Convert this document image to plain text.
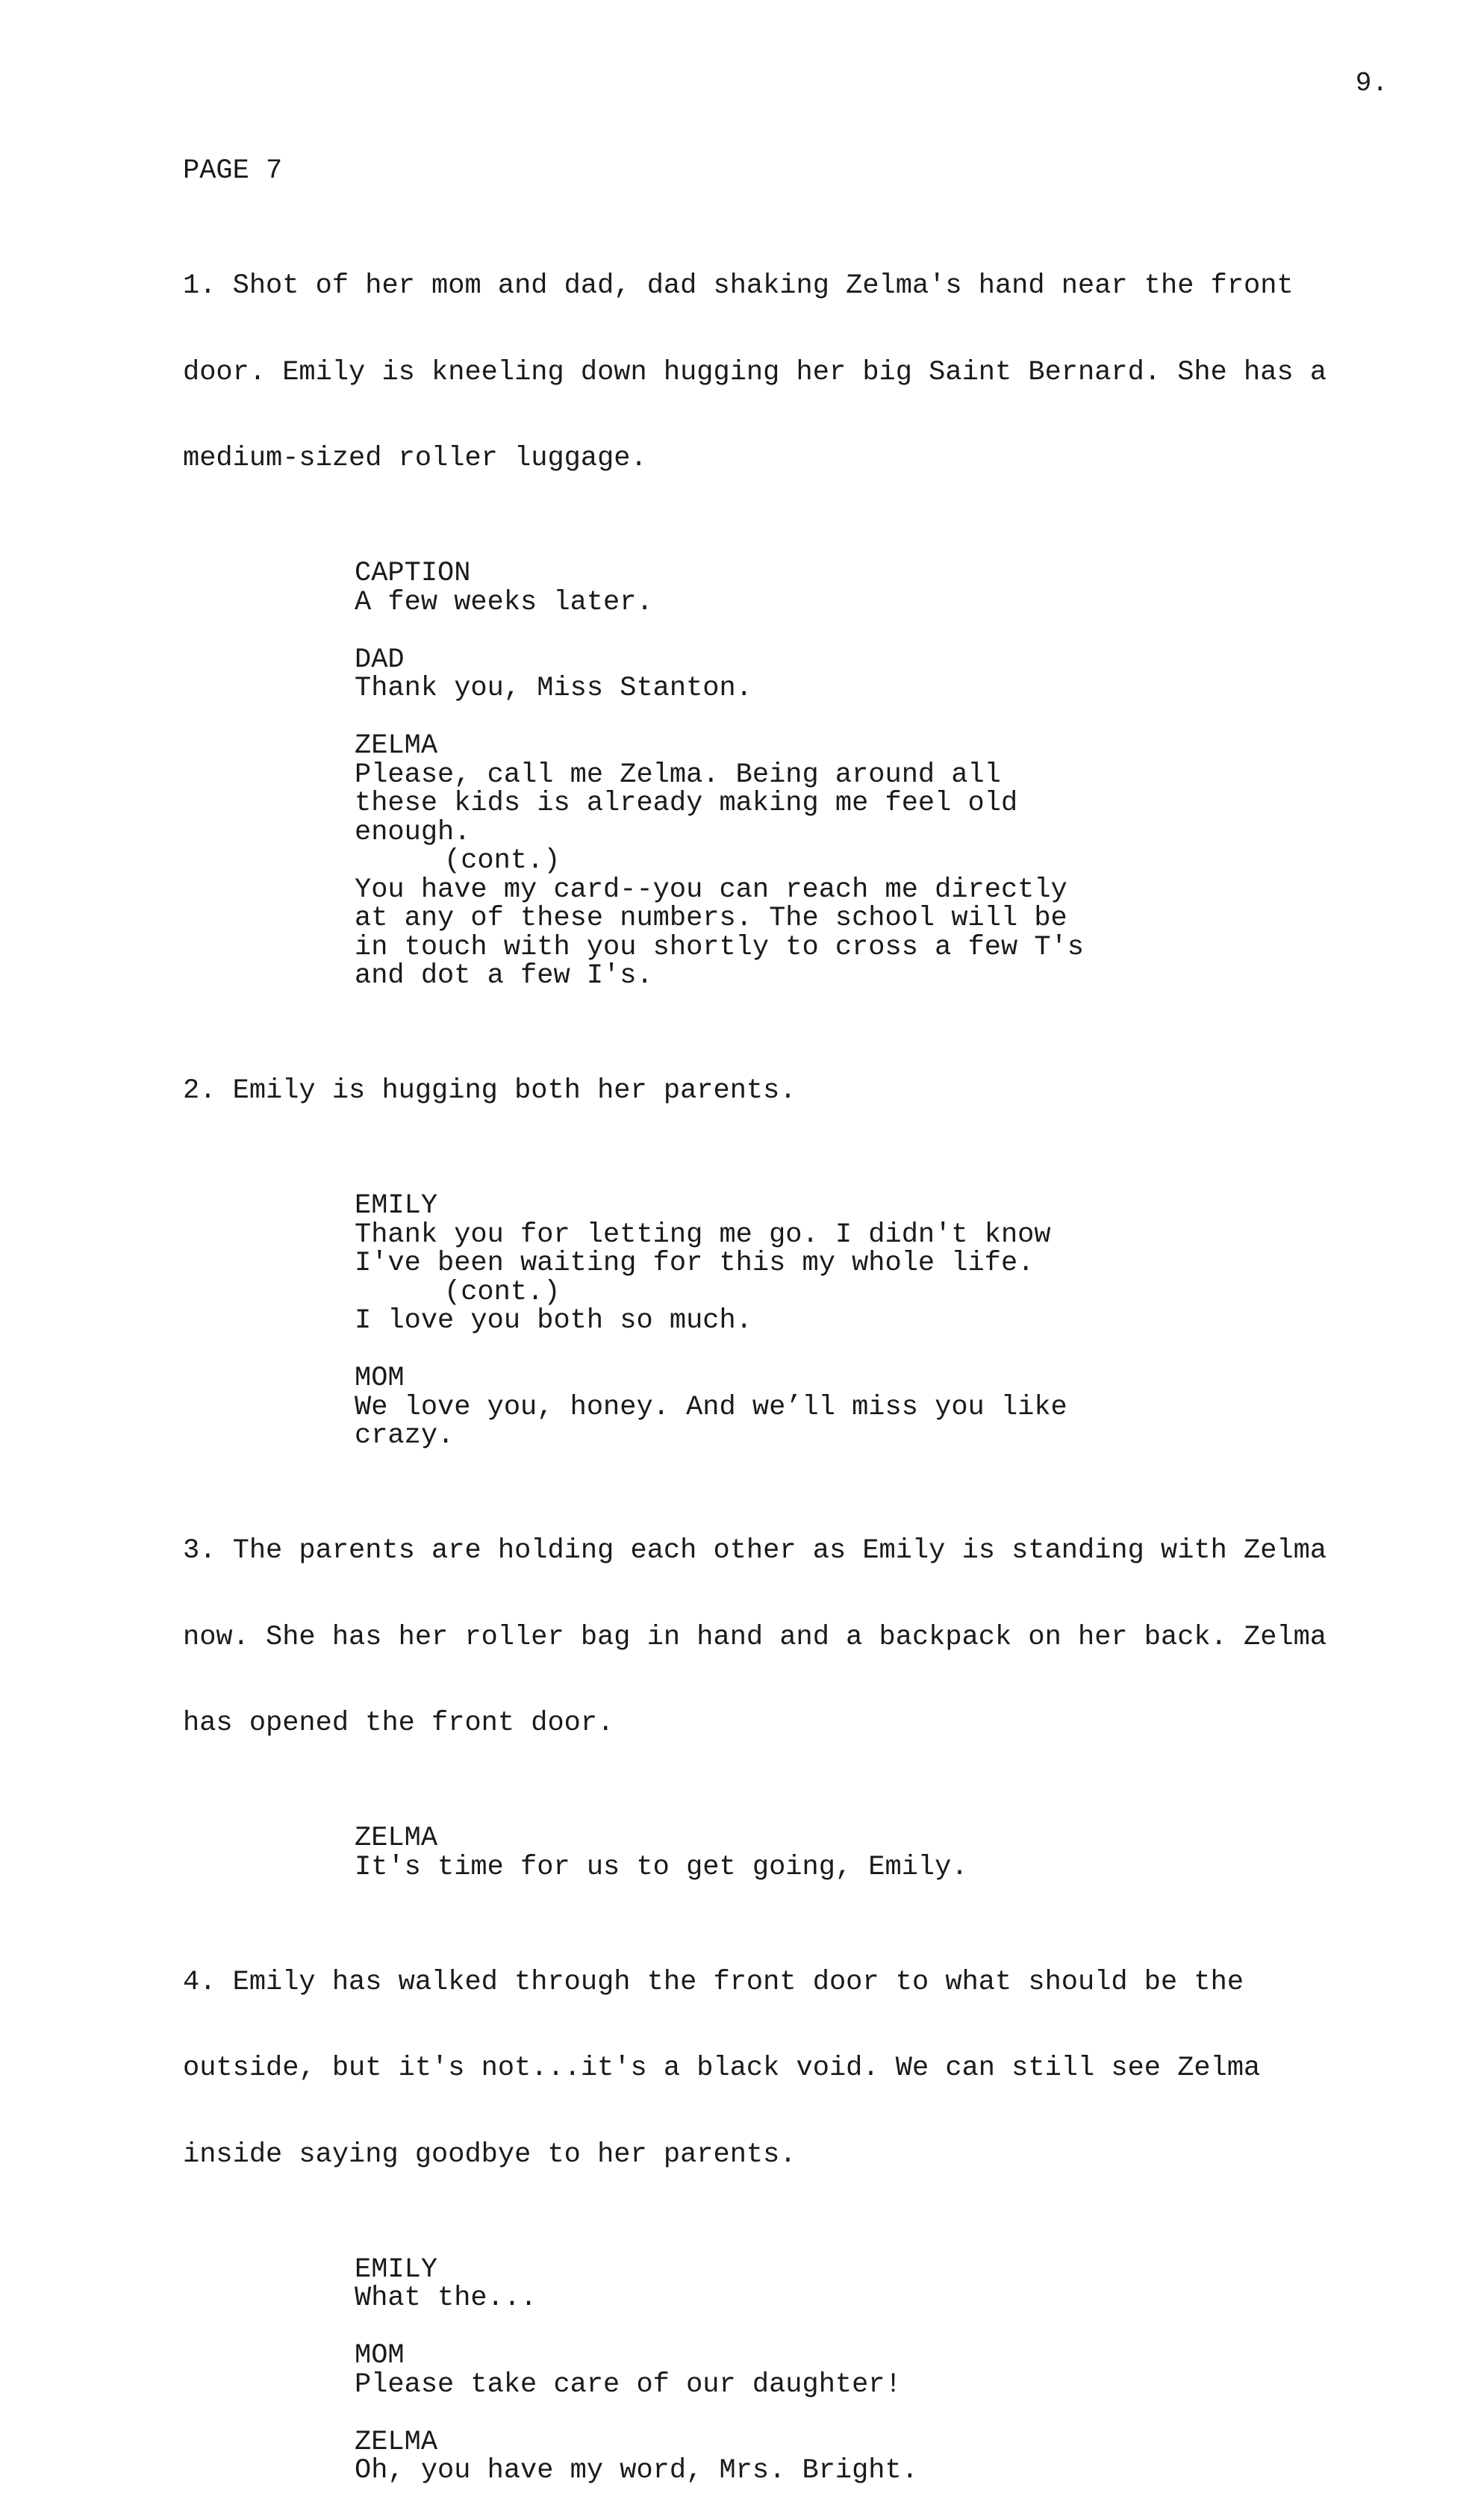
9.
PAGE 7

1. Shot of her mom and dad, dad shaking Zelma's hand near the front

door. Emily is kneeling down hugging her big Saint Bernard. She has a

medium-sized roller luggage.

CAPTION
A few weeks later.
DAD
Thank you, Miss Stanton.
ZELMA
Please, call me Zelma. Being around all
these kids is already making me feel old
enough.
(cont.)
You have my card--you can reach me directly
at any of these numbers. The school will be
in touch with you shortly to cross a few T's
and dot a few I's.

2. Emily is hugging both her parents.

EMILY
Thank you for letting me go. I didn't know
I've been waiting for this my whole life.
(cont.)
I love you both so much.
MOM
We love you, honey. And we’ll miss you like
crazy.

3. The parents are holding each other as Emily is standing with Zelma

now. She has her roller bag in hand and a backpack on her back. Zelma

has opened the front door.

ZELMA
It's time for us to get going, Emily.

4. Emily has walked through the front door to what should be the

outside, but it's not...it's a black void. We can still see Zelma

inside saying goodbye to her parents.

EMILY
What the...
MOM
Please take care of our daughter!
ZELMA
Oh, you have my word, Mrs. Bright.
